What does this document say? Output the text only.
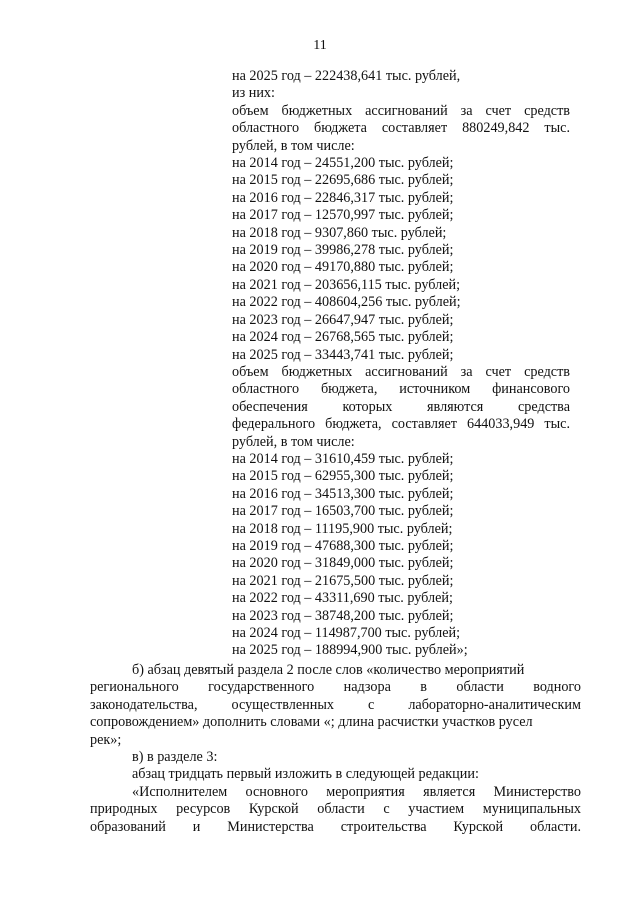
11
на 2025 год – 222438,641 тыс. рублей,
из них:
объем бюджетных ассигнований за счет средств
областного бюджета составляет 880249,842 тыс.
рублей, в том числе:
на 2014 год – 24551,200 тыс. рублей;
на 2015 год – 22695,686 тыс. рублей;
на 2016 год – 22846,317 тыс. рублей;
на 2017 год – 12570,997 тыс. рублей;
на 2018 год – 9307,860 тыс. рублей;
на 2019 год – 39986,278 тыс. рублей;
на 2020 год – 49170,880 тыс. рублей;
на 2021 год – 203656,115 тыс. рублей;
на 2022 год – 408604,256 тыс. рублей;
на 2023 год – 26647,947 тыс. рублей;
на 2024 год – 26768,565 тыс. рублей;
на 2025 год – 33443,741 тыс. рублей;
объем бюджетных ассигнований за счет средств
областного бюджета, источником финансового
обеспечения которых являются средства
федерального бюджета, составляет 644033,949 тыс.
рублей, в том числе:
на 2014 год – 31610,459 тыс. рублей;
на 2015 год – 62955,300 тыс. рублей;
на 2016 год – 34513,300 тыс. рублей;
на 2017 год – 16503,700 тыс. рублей;
на 2018 год – 11195,900 тыс. рублей;
на 2019 год – 47688,300 тыс. рублей;
на 2020 год – 31849,000 тыс. рублей;
на 2021 год – 21675,500 тыс. рублей;
на 2022 год – 43311,690 тыс. рублей;
на 2023 год – 38748,200 тыс. рублей;
на 2024 год – 114987,700 тыс. рублей;
на 2025 год – 188994,900 тыс. рублей»;
б) абзац девятый раздела 2 после слов «количество мероприятий
регионального государственного надзора в области водного
законодательства, осуществленных с лабораторно-аналитическим
сопровождением» дополнить словами «; длина расчистки участков русел
рек»;
в) в разделе 3:
абзац тридцать первый изложить в следующей редакции:
«Исполнителем основного мероприятия является Министерство
природных ресурсов Курской области с участием муниципальных
образований и Министерства строительства Курской области.
